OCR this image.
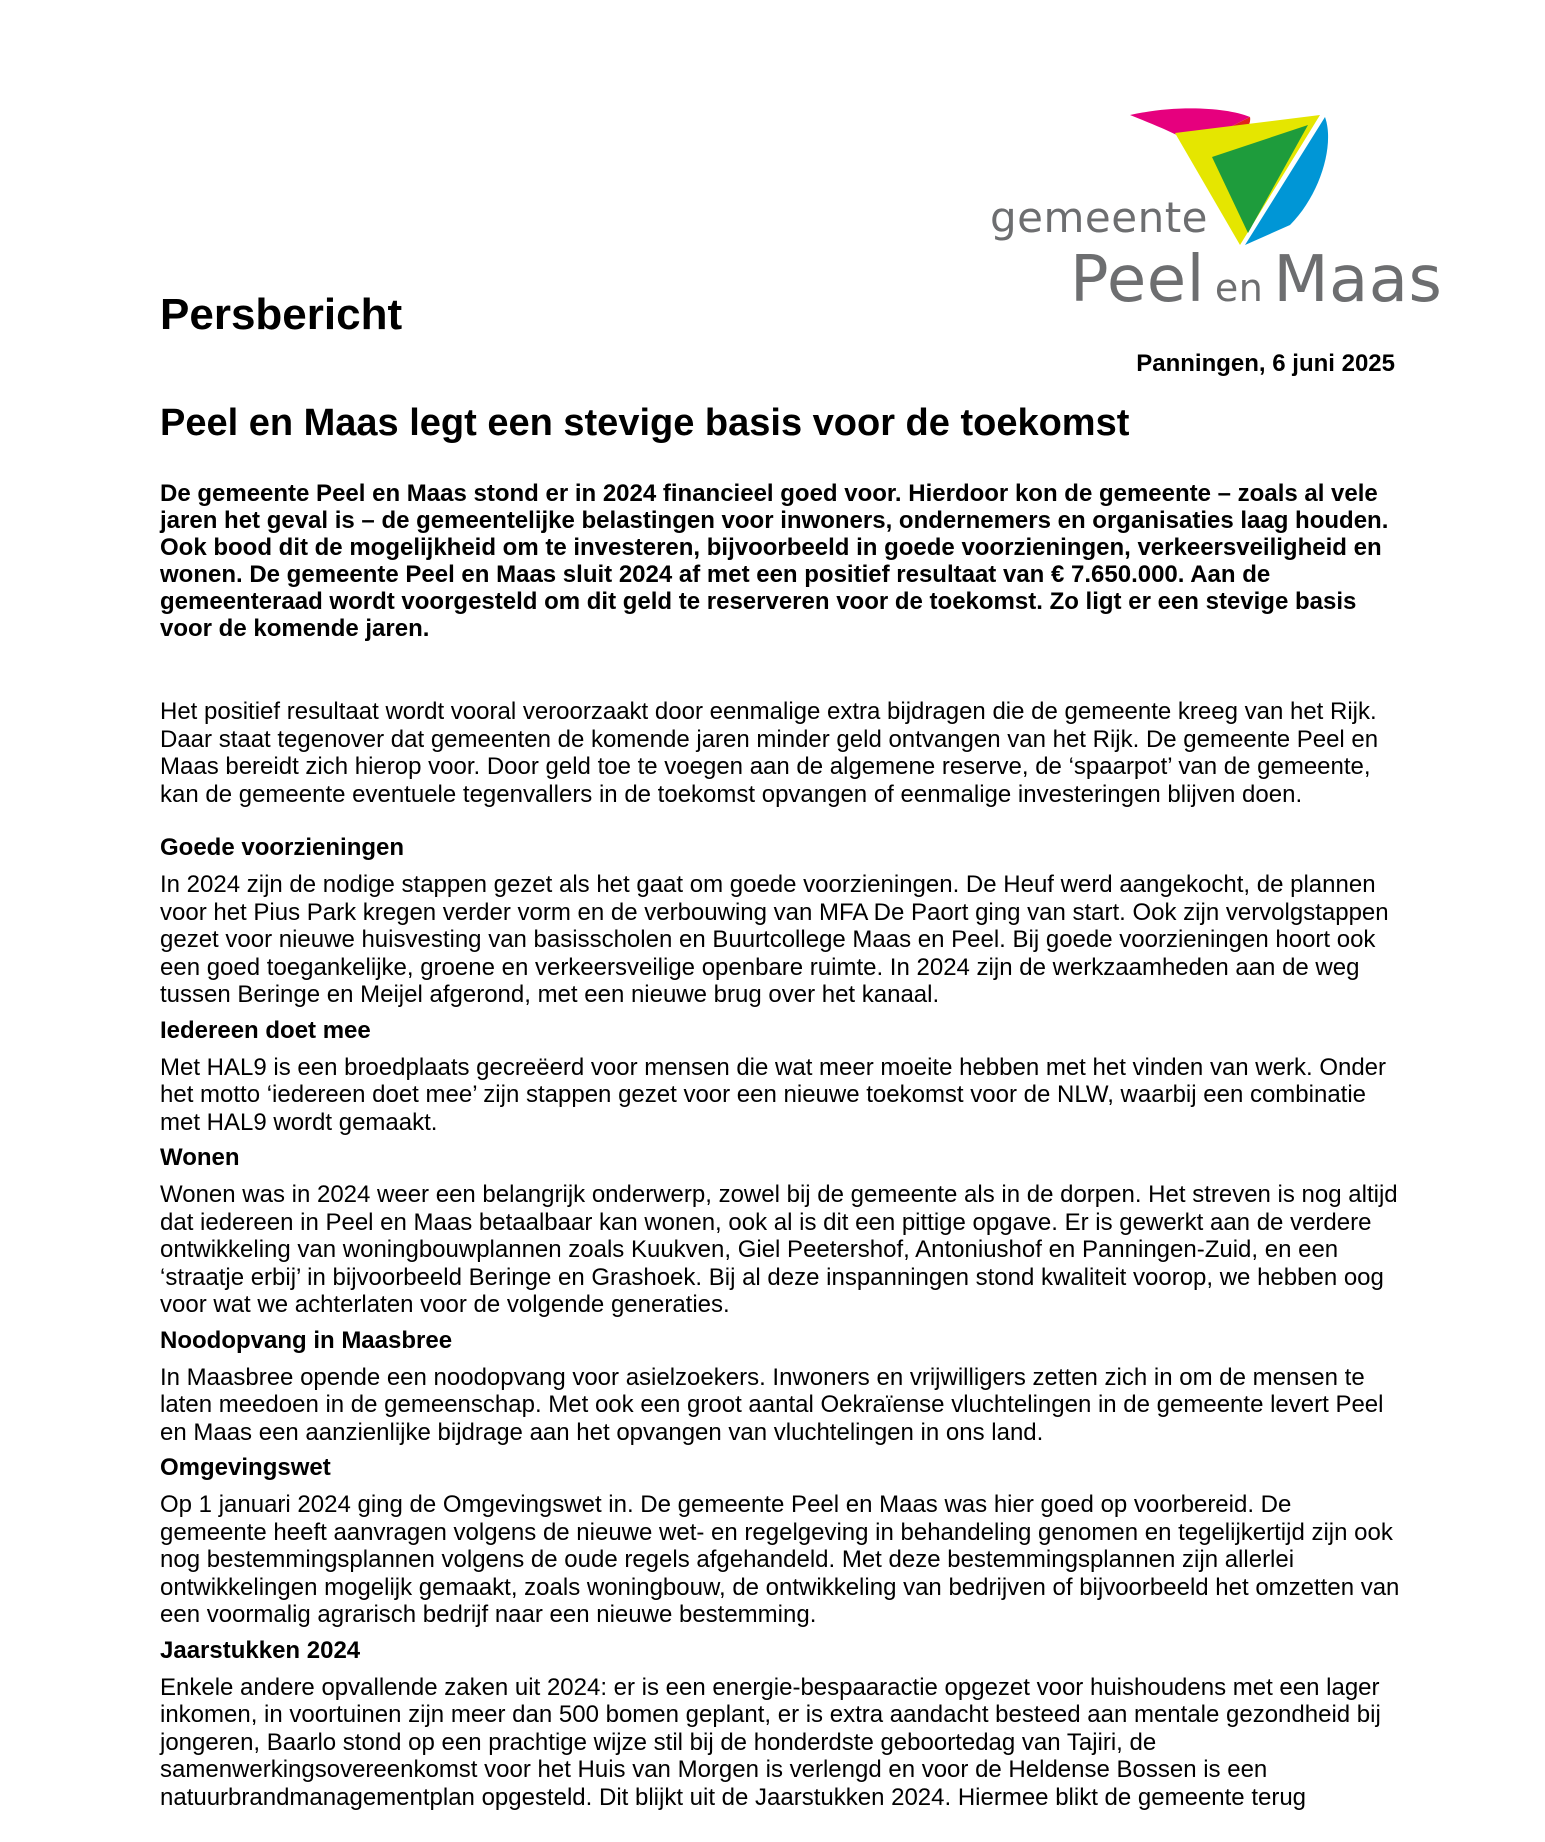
gemeente
Peel en Maas
Persbericht
Panningen, 6 juni 2025
Peel en Maas legt een stevige basis voor de toekomst

De gemeente Peel en Maas stond er in 2024 financieel goed voor. Hierdoor kon de gemeente – zoals al vele jaren het geval is – de gemeentelijke belastingen voor inwoners, ondernemers en organisaties laag houden. Ook bood dit de mogelijkheid om te investeren, bijvoorbeeld in goede voorzieningen, verkeersveiligheid en wonen. De gemeente Peel en Maas sluit 2024 af met een positief resultaat van € 7.650.000. Aan de gemeenteraad wordt voorgesteld om dit geld te reserveren voor de toekomst. Zo ligt er een stevige basis voor de komende jaren.

Het positief resultaat wordt vooral veroorzaakt door eenmalige extra bijdragen die de gemeente kreeg van het Rijk. Daar staat tegenover dat gemeenten de komende jaren minder geld ontvangen van het Rijk. De gemeente Peel en Maas bereidt zich hierop voor. Door geld toe te voegen aan de algemene reserve, de ‘spaarpot’ van de gemeente, kan de gemeente eventuele tegenvallers in de toekomst opvangen of eenmalige investeringen blijven doen.

Goede voorzieningen

In 2024 zijn de nodige stappen gezet als het gaat om goede voorzieningen. De Heuf werd aangekocht, de plannen voor het Pius Park kregen verder vorm en de verbouwing van MFA De Paort ging van start. Ook zijn vervolgstappen gezet voor nieuwe huisvesting van basisscholen en Buurtcollege Maas en Peel. Bij goede voorzieningen hoort ook een goed toegankelijke, groene en verkeersveilige openbare ruimte. In 2024 zijn de werkzaamheden aan de weg tussen Beringe en Meijel afgerond, met een nieuwe brug over het kanaal.

Iedereen doet mee

Met HAL9 is een broedplaats gecreëerd voor mensen die wat meer moeite hebben met het vinden van werk. Onder het motto ‘iedereen doet mee’ zijn stappen gezet voor een nieuwe toekomst voor de NLW, waarbij een combinatie met HAL9 wordt gemaakt.

Wonen

Wonen was in 2024 weer een belangrijk onderwerp, zowel bij de gemeente als in de dorpen. Het streven is nog altijd dat iedereen in Peel en Maas betaalbaar kan wonen, ook al is dit een pittige opgave. Er is gewerkt aan de verdere ontwikkeling van woningbouwplannen zoals Kuukven, Giel Peetershof, Antoniushof en Panningen-Zuid, en een ‘straatje erbij’ in bijvoorbeeld Beringe en Grashoek. Bij al deze inspanningen stond kwaliteit voorop, we hebben oog voor wat we achterlaten voor de volgende generaties.

Noodopvang in Maasbree

In Maasbree opende een noodopvang voor asielzoekers. Inwoners en vrijwilligers zetten zich in om de mensen te laten meedoen in de gemeenschap. Met ook een groot aantal Oekraïense vluchtelingen in de gemeente levert Peel en Maas een aanzienlijke bijdrage aan het opvangen van vluchtelingen in ons land.

Omgevingswet

Op 1 januari 2024 ging de Omgevingswet in. De gemeente Peel en Maas was hier goed op voorbereid. De gemeente heeft aanvragen volgens de nieuwe wet- en regelgeving in behandeling genomen en tegelijkertijd zijn ook nog bestemmingsplannen volgens de oude regels afgehandeld. Met deze bestemmingsplannen zijn allerlei ontwikkelingen mogelijk gemaakt, zoals woningbouw, de ontwikkeling van bedrijven of bijvoorbeeld het omzetten van een voormalig agrarisch bedrijf naar een nieuwe bestemming.

Jaarstukken 2024

Enkele andere opvallende zaken uit 2024: er is een energie-bespaaractie opgezet voor huishoudens met een lager inkomen, in voortuinen zijn meer dan 500 bomen geplant, er is extra aandacht besteed aan mentale gezondheid bij jongeren, Baarlo stond op een prachtige wijze stil bij de honderdste geboortedag van Tajiri, de samenwerkingsovereenkomst voor het Huis van Morgen is verlengd en voor de Heldense Bossen is een natuurbrandmanagementplan opgesteld. Dit blijkt uit de Jaarstukken 2024. Hiermee blikt de gemeente terug
